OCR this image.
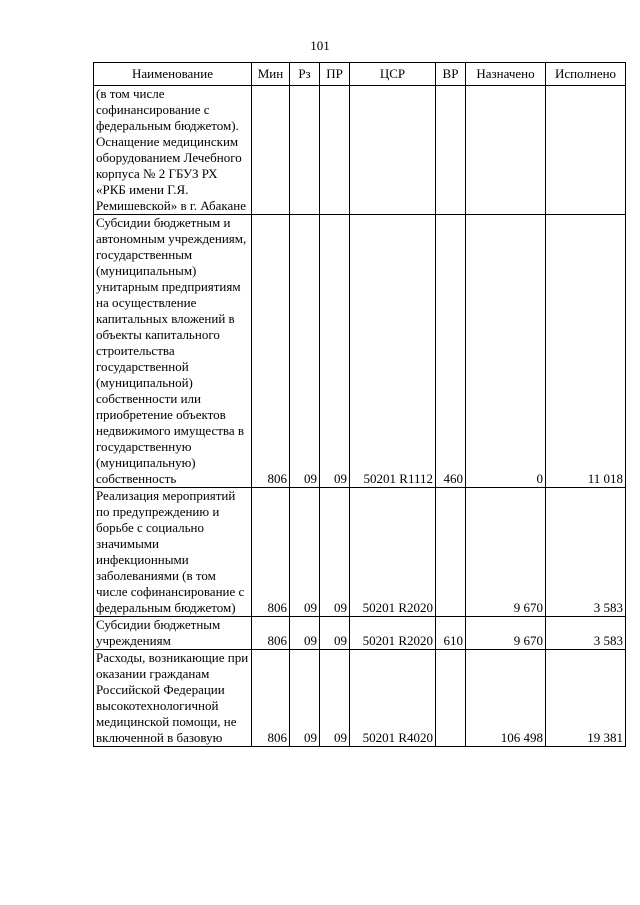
101
Наименование	Мин	Рз	ПР	ЦСР	ВР	Назначено	Исполнено
(в том числе софинансирование с федеральным бюджетом). Оснащение медицинским оборудованием Лечебного корпуса № 2 ГБУЗ РХ «РКБ имени Г.Я. Ремишевской» в г. Абакане							
Субсидии бюджетным и автономным учреждениям, государственным (муниципальным) унитарным предприятиям на осуществление капитальных вложений в объекты капитального строительства государственной (муниципальной) собственности или приобретение объектов недвижимого имущества в государственную (муниципальную) собственность	806	09	09	50201 R1112	460	0	11 018
Реализация мероприятий по предупреждению и борьбе с социально значимыми инфекционными заболеваниями (в том числе софинансирование с федеральным бюджетом)	806	09	09	50201 R2020		9 670	3 583
Субсидии бюджетным учреждениям	806	09	09	50201 R2020	610	9 670	3 583
Расходы, возникающие при оказании гражданам Российской Федерации высокотехнологичной медицинской помощи, не включенной в базовую	806	09	09	50201 R4020		106 498	19 381
